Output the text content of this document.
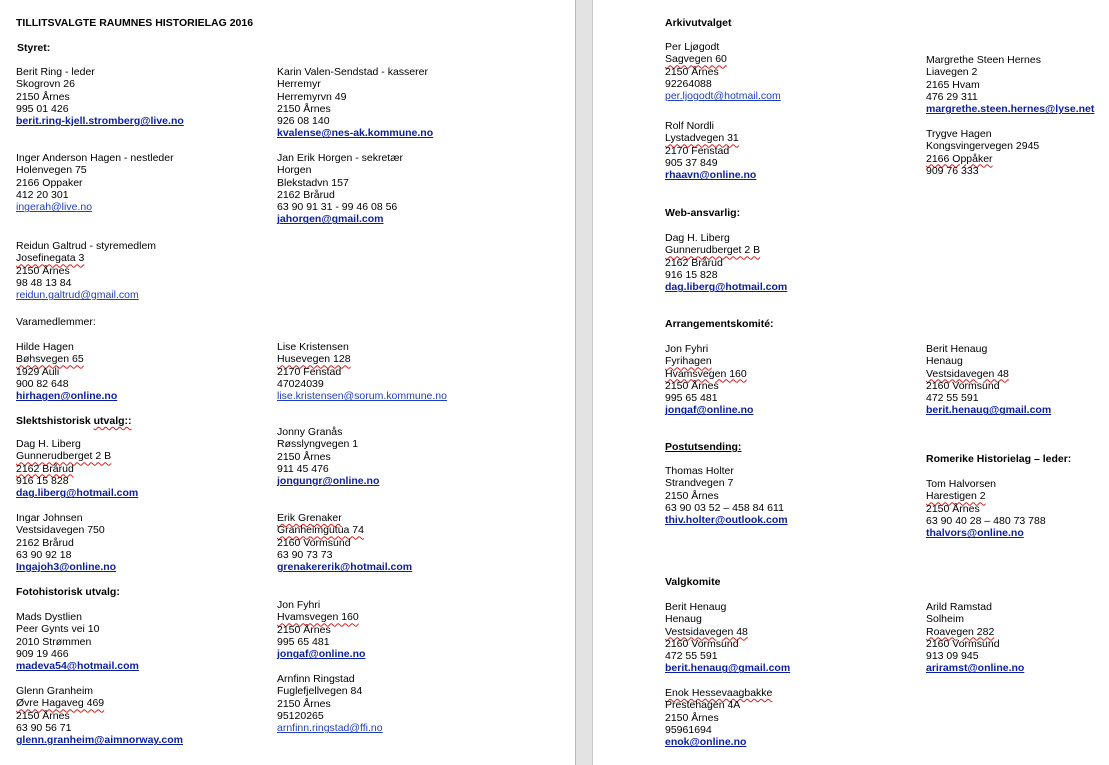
TILLITSVALGTE RAUMNES HISTORIELAG 2016
Styret:
Berit Ring - leder
Skogrovn 26
2150 Årnes
995 01 426
berit.ring-kjell.stromberg@live.no
Inger Anderson Hagen - nestleder
Holenvegen 75
2166 Oppaker
412 20 301
ingerah@live.no
Reidun Galtrud - styremedlem
Josefinegata 3
2150 Årnes
98 48 13 84
reidun.galtrud@gmail.com
Karin Valen-Sendstad - kasserer
Herremyr
Herremyrvn 49
2150 Årnes
926 08 140
kvalense@nes-ak.kommune.no
Jan Erik Horgen - sekretær
Horgen
Blekstadvn 157
2162 Brårud
63 90 91 31 - 99 46 08 56
jahorgen@gmail.com
Varamedlemmer:
Hilde Hagen
Bøhsvegen 65
1929 Auli
900 82 648
hirhagen@online.no
Lise Kristensen
Husevegen 128
2170 Fenstad
47024039
lise.kristensen@sorum.kommune.no
Slektshistorisk utvalg::
Dag H. Liberg
Gunnerudberget 2 B
2162 Brårud
916 15 828
dag.liberg@hotmail.com
Jonny Granås
Røsslyngvegen 1
2150 Årnes
911 45 476
jongungr@online.no
Ingar Johnsen
Vestsidavegen 750
2162 Brårud
63 90 92 18
Ingajoh3@online.no
Erik Grenaker
Granheimgutua 74
2160 Vormsund
63 90 73 73
grenakererik@hotmail.com
Fotohistorisk utvalg:
Mads Dystlien
Peer Gynts vei 10
2010 Strømmen
909 19 466
madeva54@hotmail.com
Jon Fyhri
Hvamsvegen 160
2150 Årnes
995 65 481
jongaf@online.no
Glenn Granheim
Øvre Hagaveg 469
2150 Årnes
63 90 56 71
glenn.granheim@aimnorway.com
Arnfinn Ringstad
Fuglefjellvegen 84
2150 Årnes
95120265
arnfinn.ringstad@ffi.no
Arkivutvalget
Per Ljøgodt
Sagvegen 60
2150 Årnes
92264088
per.ljogodt@hotmail.com
Margrethe Steen Hernes
Liavegen 2
2165 Hvam
476 29 311
margrethe.steen.hernes@lyse.net
Rolf Nordli
Lystadvegen 31
2170 Fenstad
905 37 849
rhaavn@online.no
Trygve Hagen
Kongsvingervegen 2945
2166 Oppåker
909 76 333
Web-ansvarlig:
Dag H. Liberg
Gunnerudberget 2 B
2162 Brårud
916 15 828
dag.liberg@hotmail.com
Arrangementskomité:
Jon Fyhri
Fyrihagen
Hvamsvegen 160
2150 Årnes
995 65 481
jongaf@online.no
Berit Henaug
Henaug
Vestsidavegen 48
2160 Vormsund
472 55 591
berit.henaug@gmail.com
Postutsending:
Thomas Holter
Strandvegen 7
2150 Årnes
63 90 03 52 – 458 84 611
thiv.holter@outlook.com
Romerike Historielag – leder:
Tom Halvorsen
Harestigen 2
2150 Årnes
63 90 40 28 – 480 73 788
thalvors@online.no
Valgkomite
Berit Henaug
Henaug
Vestsidavegen 48
2160 Vormsund
472 55 591
berit.henaug@gmail.com
Arild Ramstad
Solheim
Roavegen 282
2160 Vormsund
913 09 945
ariramst@online.no
Enok Hessevaagbakke
Prestehagen 4A
2150 Årnes
95961694
enok@online.no
